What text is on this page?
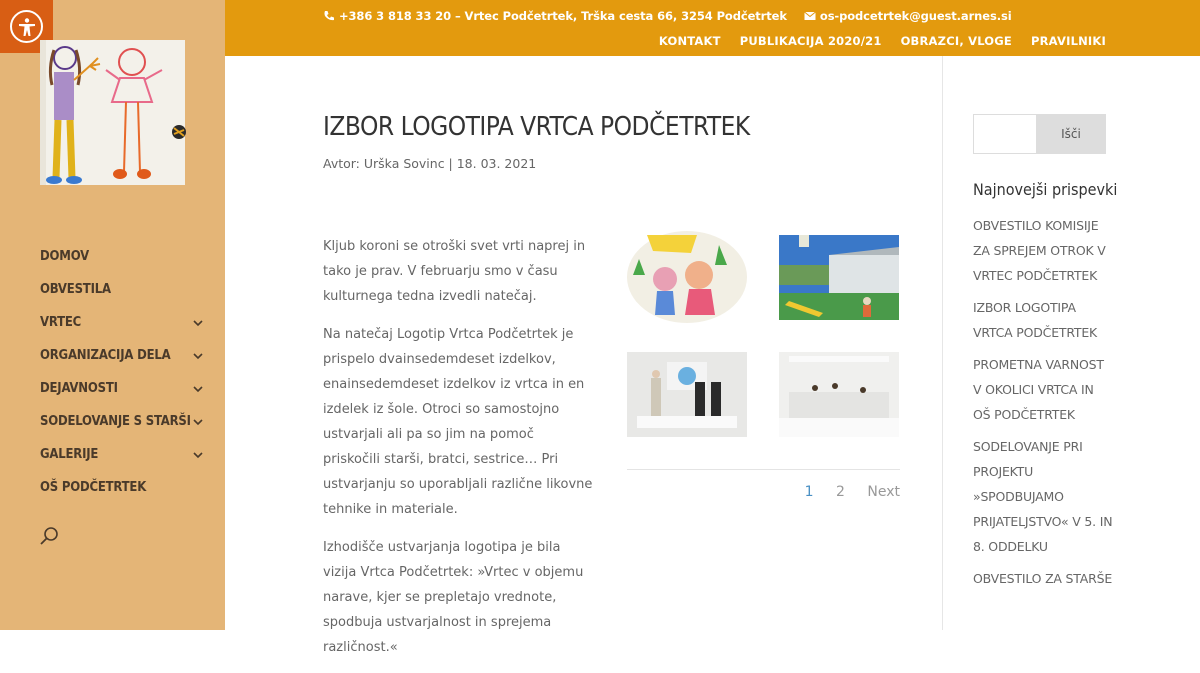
DOMOV
OBVESTILA
VRTEC
ORGANIZACIJA DELA
DEJAVNOSTI
SODELOVANJE S STARŠI
GALERIJE
OŠ PODČETRTEK
+386 3 818 33 20 – Vrtec Podčetrtek, Trška cesta 66, 3254 Podčetrtek	os-podcetrtek@guest.arnes.si
KONTAKT PUBLIKACIJA 2020/21 OBRAZCI, VLOGE PRAVILNIKI
IZBOR LOGOTIPA VRTCA PODČETRTEK
Avtor: Urška Sovinc | 18. 03. 2021

Kljub koroni se otroški svet vrti naprej in tako je prav. V februarju smo v času kulturnega tedna izvedli natečaj.

Na natečaj Logotip Vrtca Podčetrtek je prispelo dvainsedemdeset izdelkov, enainsedemdeset izdelkov iz vrtca in en izdelek iz šole. Otroci so samostojno ustvarjali ali pa so jim na pomoč priskočili starši, bratci, sestrice… Pri ustvarjanju so uporabljali različne likovne tehnike in materiale.

Izhodišče ustvarjanja logotipa je bila vizija Vrtca Podčetrtek: »Vrtec v objemu narave, kjer se prepletajo vrednote, spodbuja ustvarjalnost in sprejema različnost.«

1 2 Next
Išči
Najnovejši prispevki
OBVESTILO KOMISIJE ZA SPREJEM OTROK V VRTEC PODČETRTEK
IZBOR LOGOTIPA VRTCA PODČETRTEK
PROMETNA VARNOST V OKOLICI VRTCA IN OŠ PODČETRTEK
SODELOVANJE PRI PROJEKTU »SPODBUJAMO PRIJATELJSTVO« V 5. IN 8. ODDELKU
OBVESTILO ZA STARŠE
